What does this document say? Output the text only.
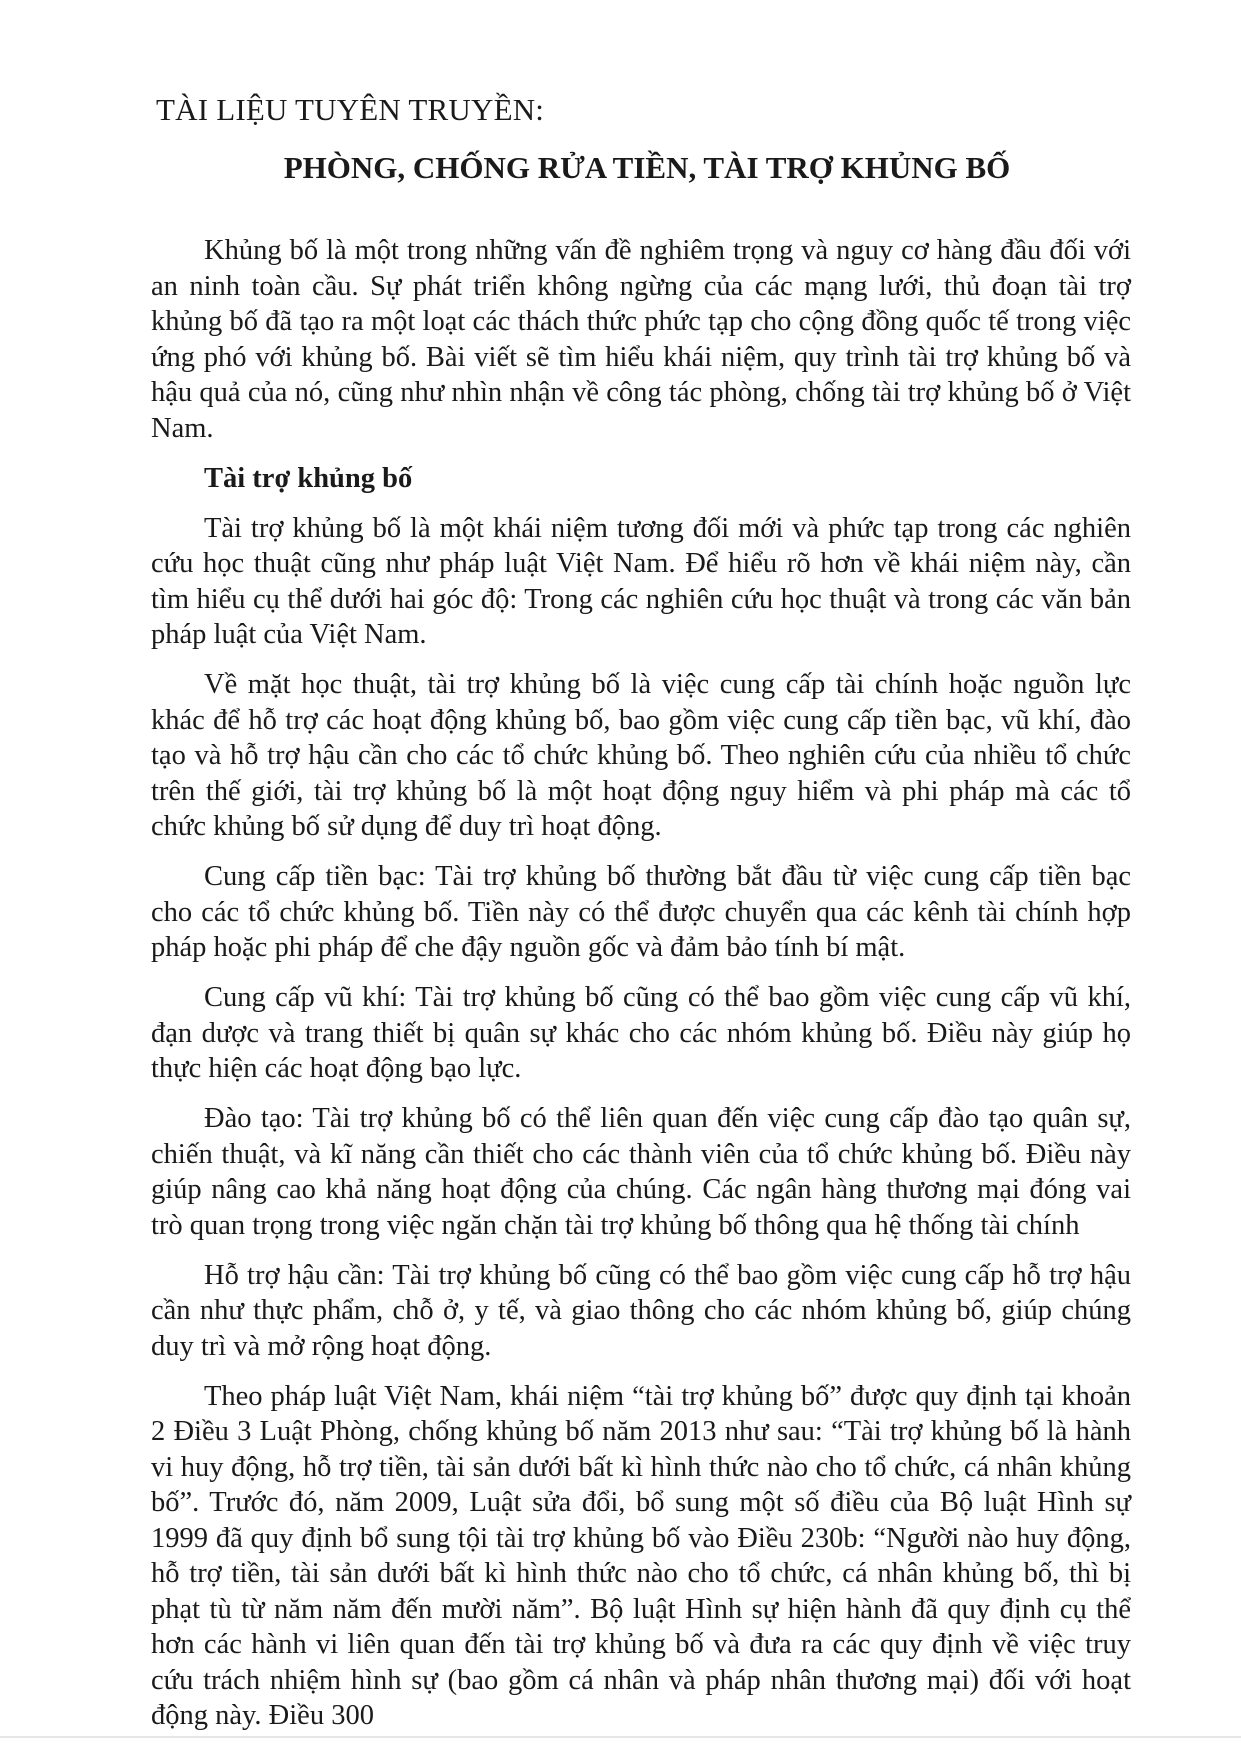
TÀI LIỆU TUYÊN TRUYỀN:

PHÒNG, CHỐNG RỬA TIỀN, TÀI TRỢ KHỦNG BỐ

Khủng bố là một trong những vấn đề nghiêm trọng và nguy cơ hàng đầu đối với an ninh toàn cầu. Sự phát triển không ngừng của các mạng lưới, thủ đoạn tài trợ khủng bố đã tạo ra một loạt các thách thức phức tạp cho cộng đồng quốc tế trong việc ứng phó với khủng bố. Bài viết sẽ tìm hiểu khái niệm, quy trình tài trợ khủng bố và hậu quả của nó, cũng như nhìn nhận về công tác phòng, chống tài trợ khủng bố ở Việt Nam.

Tài trợ khủng bố

Tài trợ khủng bố là một khái niệm tương đối mới và phức tạp trong các nghiên cứu học thuật cũng như pháp luật Việt Nam. Để hiểu rõ hơn về khái niệm này, cần tìm hiểu cụ thể dưới hai góc độ: Trong các nghiên cứu học thuật và trong các văn bản pháp luật của Việt Nam.

Về mặt học thuật, tài trợ khủng bố là việc cung cấp tài chính hoặc nguồn lực khác để hỗ trợ các hoạt động khủng bố, bao gồm việc cung cấp tiền bạc, vũ khí, đào tạo và hỗ trợ hậu cần cho các tổ chức khủng bố. Theo nghiên cứu của nhiều tổ chức trên thế giới, tài trợ khủng bố là một hoạt động nguy hiểm và phi pháp mà các tổ chức khủng bố sử dụng để duy trì hoạt động.

Cung cấp tiền bạc: Tài trợ khủng bố thường bắt đầu từ việc cung cấp tiền bạc cho các tổ chức khủng bố. Tiền này có thể được chuyển qua các kênh tài chính hợp pháp hoặc phi pháp để che đậy nguồn gốc và đảm bảo tính bí mật.

Cung cấp vũ khí: Tài trợ khủng bố cũng có thể bao gồm việc cung cấp vũ khí, đạn dược và trang thiết bị quân sự khác cho các nhóm khủng bố. Điều này giúp họ thực hiện các hoạt động bạo lực.

Đào tạo: Tài trợ khủng bố có thể liên quan đến việc cung cấp đào tạo quân sự, chiến thuật, và kĩ năng cần thiết cho các thành viên của tổ chức khủng bố. Điều này giúp nâng cao khả năng hoạt động của chúng. Các ngân hàng thương mại đóng vai trò quan trọng trong việc ngăn chặn tài trợ khủng bố thông qua hệ thống tài chính

Hỗ trợ hậu cần: Tài trợ khủng bố cũng có thể bao gồm việc cung cấp hỗ trợ hậu cần như thực phẩm, chỗ ở, y tế, và giao thông cho các nhóm khủng bố, giúp chúng duy trì và mở rộng hoạt động.

Theo pháp luật Việt Nam, khái niệm “tài trợ khủng bố” được quy định tại khoản 2 Điều 3 Luật Phòng, chống khủng bố năm 2013 như sau: “Tài trợ khủng bố là hành vi huy động, hỗ trợ tiền, tài sản dưới bất kì hình thức nào cho tổ chức, cá nhân khủng bố”. Trước đó, năm 2009, Luật sửa đổi, bổ sung một số điều của Bộ luật Hình sự 1999 đã quy định bổ sung tội tài trợ khủng bố vào Điều 230b: “Người nào huy động, hỗ trợ tiền, tài sản dưới bất kì hình thức nào cho tổ chức, cá nhân khủng bố, thì bị phạt tù từ năm năm đến mười năm”. Bộ luật Hình sự hiện hành đã quy định cụ thể hơn các hành vi liên quan đến tài trợ khủng bố và đưa ra các quy định về việc truy cứu trách nhiệm hình sự (bao gồm cá nhân và pháp nhân thương mại) đối với hoạt động này. Điều 300
